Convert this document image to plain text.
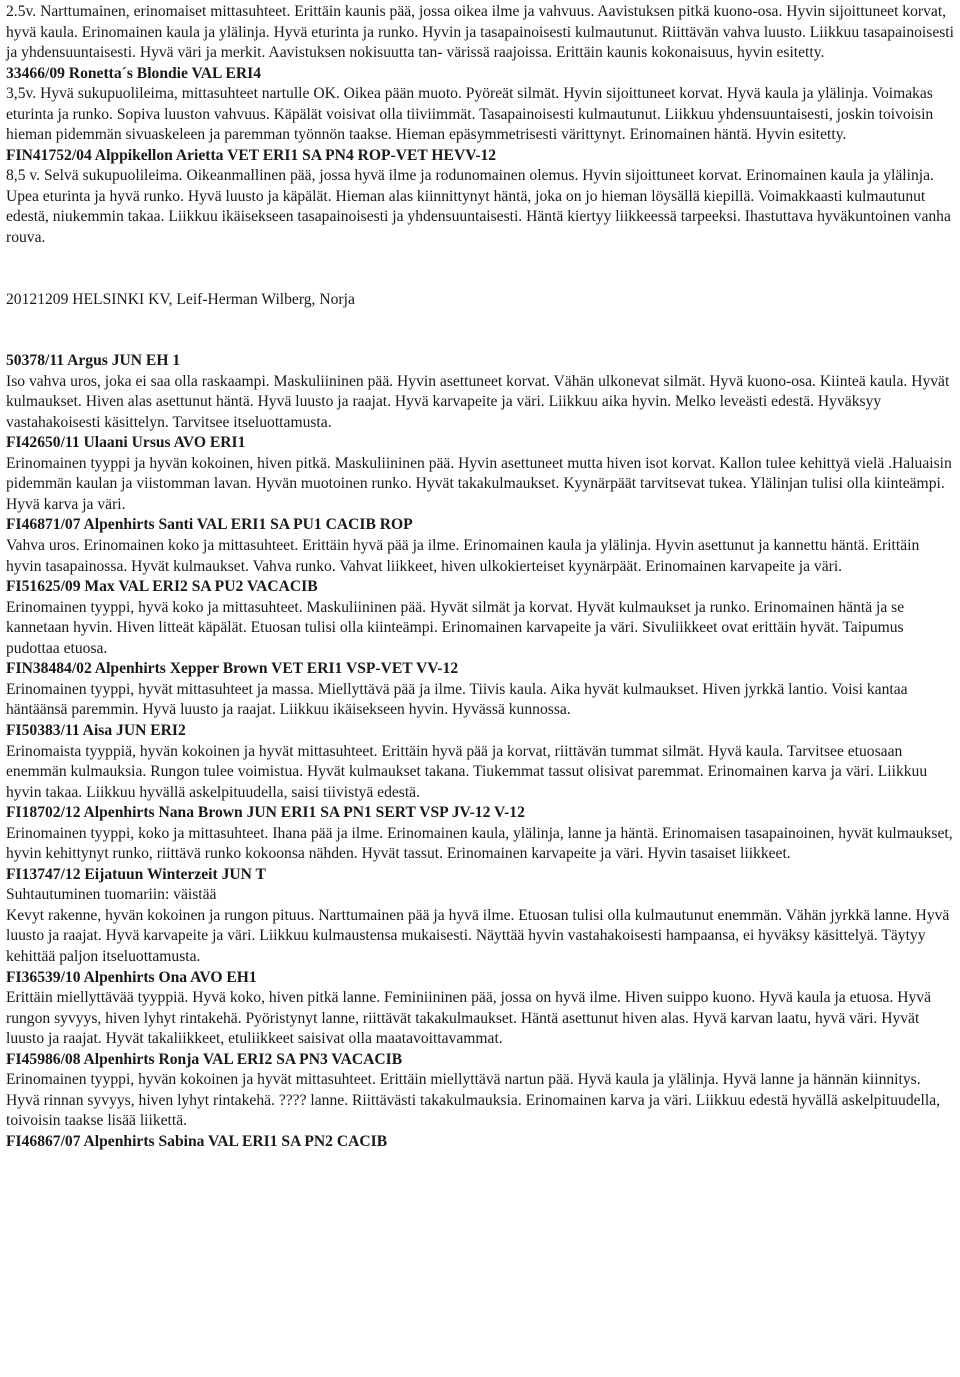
2.5v. Narttumainen, erinomaiset mittasuhteet. Erittäin kaunis pää, jossa oikea ilme ja vahvuus. Aavistuksen pitkä kuono-osa. Hyvin sijoittuneet korvat, hyvä kaula. Erinomainen kaula ja ylälinja. Hyvä eturinta ja runko. Hyvin ja tasapainoisesti kulmautunut. Riittävän vahva luusto. Liikkuu tasapainoisesti ja yhdensuuntaisesti. Hyvä väri ja merkit. Aavistuksen nokisuutta tan- värissä raajoissa. Erittäin kaunis kokonaisuus, hyvin esitetty.

33466/09 Ronetta´s Blondie VAL ERI4

3,5v. Hyvä sukupuolileima, mittasuhteet nartulle OK. Oikea pään muoto. Pyöreät silmät. Hyvin sijoittuneet korvat. Hyvä kaula ja ylälinja. Voimakas eturinta ja runko. Sopiva luuston vahvuus. Käpälät voisivat olla tiiviimmät. Tasapainoisesti kulmautunut. Liikkuu yhdensuuntaisesti, joskin toivoisin hieman pidemmän sivuaskeleen ja paremman työnnön taakse. Hieman epäsymmetrisesti värittynyt. Erinomainen häntä. Hyvin esitetty.

FIN41752/04 Alppikellon Arietta VET ERI1 SA PN4 ROP-VET HEVV-12

8,5 v. Selvä sukupuolileima. Oikeanmallinen pää, jossa hyvä ilme ja rodunomainen olemus. Hyvin sijoittuneet korvat. Erinomainen kaula ja ylälinja. Upea eturinta ja hyvä runko. Hyvä luusto ja käpälät. Hieman alas kiinnittynyt häntä, joka on jo hieman löysällä kiepillä. Voimakkaasti kulmautunut edestä, niukemmin takaa. Liikkuu ikäisekseen tasapainoisesti ja yhdensuuntaisesti. Häntä kiertyy liikkeessä tarpeeksi. Ihastuttava hyväkuntoinen vanha rouva.

20121209 HELSINKI KV, Leif-Herman Wilberg, Norja

50378/11 Argus JUN EH 1

Iso vahva uros, joka ei saa olla raskaampi. Maskuliininen pää. Hyvin asettuneet korvat. Vähän ulkonevat silmät. Hyvä kuono-osa. Kiinteä kaula. Hyvät kulmaukset. Hiven alas asettunut häntä. Hyvä luusto ja raajat. Hyvä karvapeite ja väri. Liikkuu aika hyvin. Melko leveästi edestä. Hyväksyy vastahakoisesti käsittelyn. Tarvitsee itseluottamusta.

FI42650/11 Ulaani Ursus AVO ERI1

Erinomainen tyyppi ja hyvän kokoinen, hiven pitkä. Maskuliininen pää. Hyvin asettuneet mutta hiven isot korvat. Kallon tulee kehittyä vielä .Haluaisin pidemmän kaulan ja viistomman lavan. Hyvän muotoinen runko. Hyvät takakulmaukset. Kyynärpäät tarvitsevat tukea. Ylälinjan tulisi olla kiinteämpi. Hyvä karva ja väri.

FI46871/07 Alpenhirts Santi VAL ERI1 SA PU1 CACIB ROP

Vahva uros. Erinomainen koko ja mittasuhteet. Erittäin hyvä pää ja ilme. Erinomainen kaula ja ylälinja. Hyvin asettunut ja kannettu häntä. Erittäin hyvin tasapainossa. Hyvät kulmaukset. Vahva runko. Vahvat liikkeet, hiven ulkokierteiset kyynärpäät. Erinomainen karvapeite ja väri.

FI51625/09 Max VAL ERI2 SA PU2 VACACIB

Erinomainen tyyppi, hyvä koko ja mittasuhteet. Maskuliininen pää. Hyvät silmät ja korvat. Hyvät kulmaukset ja runko. Erinomainen häntä ja se kannetaan hyvin. Hiven litteät käpälät. Etuosan tulisi olla kiinteämpi. Erinomainen karvapeite ja väri. Sivuliikkeet ovat erittäin hyvät. Taipumus pudottaa etuosa.

FIN38484/02 Alpenhirts Xepper Brown VET ERI1 VSP-VET VV-12

Erinomainen tyyppi, hyvät mittasuhteet ja massa. Miellyttävä pää ja ilme. Tiivis kaula. Aika hyvät kulmaukset. Hiven jyrkkä lantio. Voisi kantaa häntäänsä paremmin. Hyvä luusto ja raajat. Liikkuu ikäisekseen hyvin. Hyvässä kunnossa.

FI50383/11 Aisa JUN ERI2

Erinomaista tyyppiä, hyvän kokoinen ja hyvät mittasuhteet. Erittäin hyvä pää ja korvat, riittävän tummat silmät. Hyvä kaula. Tarvitsee etuosaan enemmän kulmauksia. Rungon tulee voimistua. Hyvät kulmaukset takana. Tiukemmat tassut olisivat paremmat. Erinomainen karva ja väri. Liikkuu hyvin takaa. Liikkuu hyvällä askelpituudella, saisi tiivistyä edestä.

FI18702/12 Alpenhirts Nana Brown JUN ERI1 SA PN1 SERT VSP JV-12 V-12

Erinomainen tyyppi, koko ja mittasuhteet. Ihana pää ja ilme. Erinomainen kaula, ylälinja, lanne ja häntä. Erinomaisen tasapainoinen, hyvät kulmaukset, hyvin kehittynyt runko, riittävä runko kokoonsa nähden. Hyvät tassut. Erinomainen karvapeite ja väri. Hyvin tasaiset liikkeet.

FI13747/12 Eijatuun Winterzeit JUN T

Suhtautuminen tuomariin: väistää

Kevyt rakenne, hyvän kokoinen ja rungon pituus. Narttumainen pää ja hyvä ilme. Etuosan tulisi olla kulmautunut enemmän. Vähän jyrkkä lanne. Hyvä luusto ja raajat. Hyvä karvapeite ja väri. Liikkuu kulmaustensa mukaisesti. Näyttää hyvin vastahakoisesti hampaansa, ei hyväksy käsittelyä. Täytyy kehittää paljon itseluottamusta.

FI36539/10 Alpenhirts Ona AVO EH1

Erittäin miellyttävää tyyppiä. Hyvä koko, hiven pitkä lanne. Feminiininen pää, jossa on hyvä ilme. Hiven suippo kuono. Hyvä kaula ja etuosa. Hyvä rungon syvyys, hiven lyhyt rintakehä. Pyöristynyt lanne, riittävät takakulmaukset. Häntä asettunut hiven alas. Hyvä karvan laatu, hyvä väri. Hyvät luusto ja raajat. Hyvät takaliikkeet, etuliikkeet saisivat olla maatavoittavammat.

FI45986/08 Alpenhirts Ronja VAL ERI2 SA PN3 VACACIB

Erinomainen tyyppi, hyvän kokoinen ja hyvät mittasuhteet. Erittäin miellyttävä nartun pää. Hyvä kaula ja ylälinja. Hyvä lanne ja hännän kiinnitys. Hyvä rinnan syvyys, hiven lyhyt rintakehä. ???? lanne. Riittävästi takakulmauksia. Erinomainen karva ja väri. Liikkuu edestä hyvällä askelpituudella, toivoisin taakse lisää liikettä.

FI46867/07 Alpenhirts Sabina VAL ERI1 SA PN2 CACIB
